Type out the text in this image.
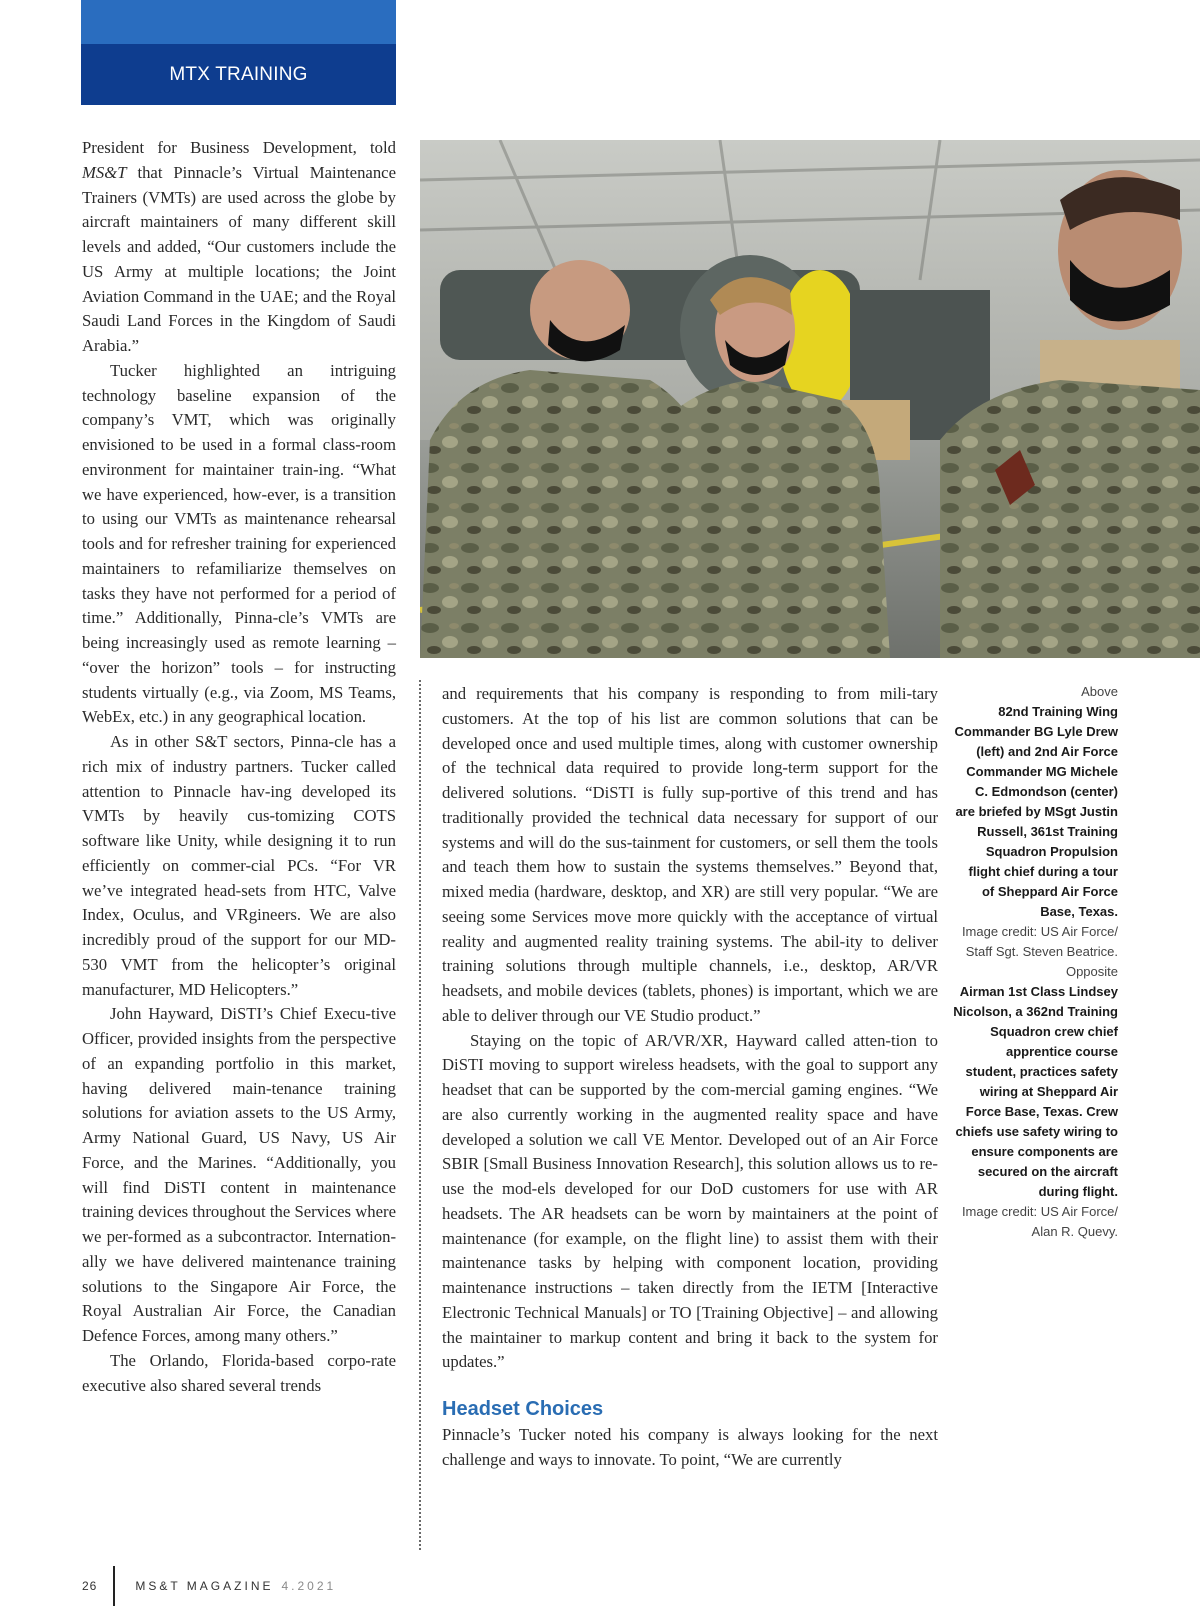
MTX TRAINING

President for Business Development, told MS&T that Pinnacle’s Virtual Maintenance Trainers (VMTs) are used across the globe by aircraft maintainers of many different skill levels and added, “Our customers include the US Army at multiple locations; the Joint Aviation Command in the UAE; and the Royal Saudi Land Forces in the Kingdom of Saudi Arabia.”

Tucker highlighted an intriguing technology baseline expansion of the company’s VMT, which was originally envisioned to be used in a formal class-room environment for maintainer train-ing. “What we have experienced, how-ever, is a transition to using our VMTs as maintenance rehearsal tools and for refresher training for experienced maintainers to refamiliarize themselves on tasks they have not performed for a period of time.” Additionally, Pinna-cle’s VMTs are being increasingly used as remote learning – “over the horizon” tools – for instructing students virtually (e.g., via Zoom, MS Teams, WebEx, etc.) in any geographical location.

As in other S&T sectors, Pinna-cle has a rich mix of industry partners. Tucker called attention to Pinnacle hav-ing developed its VMTs by heavily cus-tomizing COTS software like Unity, while designing it to run efficiently on commer-cial PCs. “For VR we’ve integrated head-sets from HTC, Valve Index, Oculus, and VRgineers. We are also incredibly proud of the support for our MD-530 VMT from the helicopter’s original manufacturer, MD Helicopters.”

John Hayward, DiSTI’s Chief Execu-tive Officer, provided insights from the perspective of an expanding portfolio in this market, having delivered main-tenance training solutions for aviation assets to the US Army, Army National Guard, US Navy, US Air Force, and the Marines. “Additionally, you will find DiSTI content in maintenance training devices throughout the Services where we per-formed as a subcontractor. Internation-ally we have delivered maintenance training solutions to the Singapore Air Force, the Royal Australian Air Force, the Canadian Defence Forces, among many others.”

The Orlando, Florida-based corpo-rate executive also shared several trends

and requirements that his company is responding to from mili-tary customers. At the top of his list are common solutions that can be developed once and used multiple times, along with customer ownership of the technical data required to provide long-term support for the delivered solutions. “DiSTI is fully sup-portive of this trend and has traditionally provided the technical data necessary for support of our systems and will do the sus-tainment for customers, or sell them the tools and teach them how to sustain the systems themselves.” Beyond that, mixed media (hardware, desktop, and XR) are still very popular. “We are seeing some Services move more quickly with the acceptance of virtual reality and augmented reality training systems. The abil-ity to deliver training solutions through multiple channels, i.e., desktop, AR/VR headsets, and mobile devices (tablets, phones) is important, which we are able to deliver through our VE Studio product.”

Staying on the topic of AR/VR/XR, Hayward called atten-tion to DiSTI moving to support wireless headsets, with the goal to support any headset that can be supported by the com-mercial gaming engines. “We are also currently working in the augmented reality space and have developed a solution we call VE Mentor. Developed out of an Air Force SBIR [Small Business Innovation Research], this solution allows us to re-use the mod-els developed for our DoD customers for use with AR headsets. The AR headsets can be worn by maintainers at the point of maintenance (for example, on the flight line) to assist them with their maintenance tasks by helping with component location, providing maintenance instructions – taken directly from the IETM [Interactive Electronic Technical Manuals] or TO [Training Objective] – and allowing the maintainer to markup content and bring it back to the system for updates.”

Headset Choices

Pinnacle’s Tucker noted his company is always looking for the next challenge and ways to innovate. To point, “We are currently

Above
82nd Training Wing Commander BG Lyle Drew (left) and 2nd Air Force Commander MG Michele C. Edmondson (center) are briefed by MSgt Justin Russell, 361st Training Squadron Propulsion flight chief during a tour of Sheppard Air Force Base, Texas.
Image credit: US Air Force/ Staff Sgt. Steven Beatrice.

Opposite
Airman 1st Class Lindsey Nicolson, a 362nd Training Squadron crew chief apprentice course student, practices safety wiring at Sheppard Air Force Base, Texas. Crew chiefs use safety wiring to ensure components are secured on the aircraft during flight.
Image credit: US Air Force/ Alan R. Quevy.

26	MS&T MAGAZINE 4.2021
